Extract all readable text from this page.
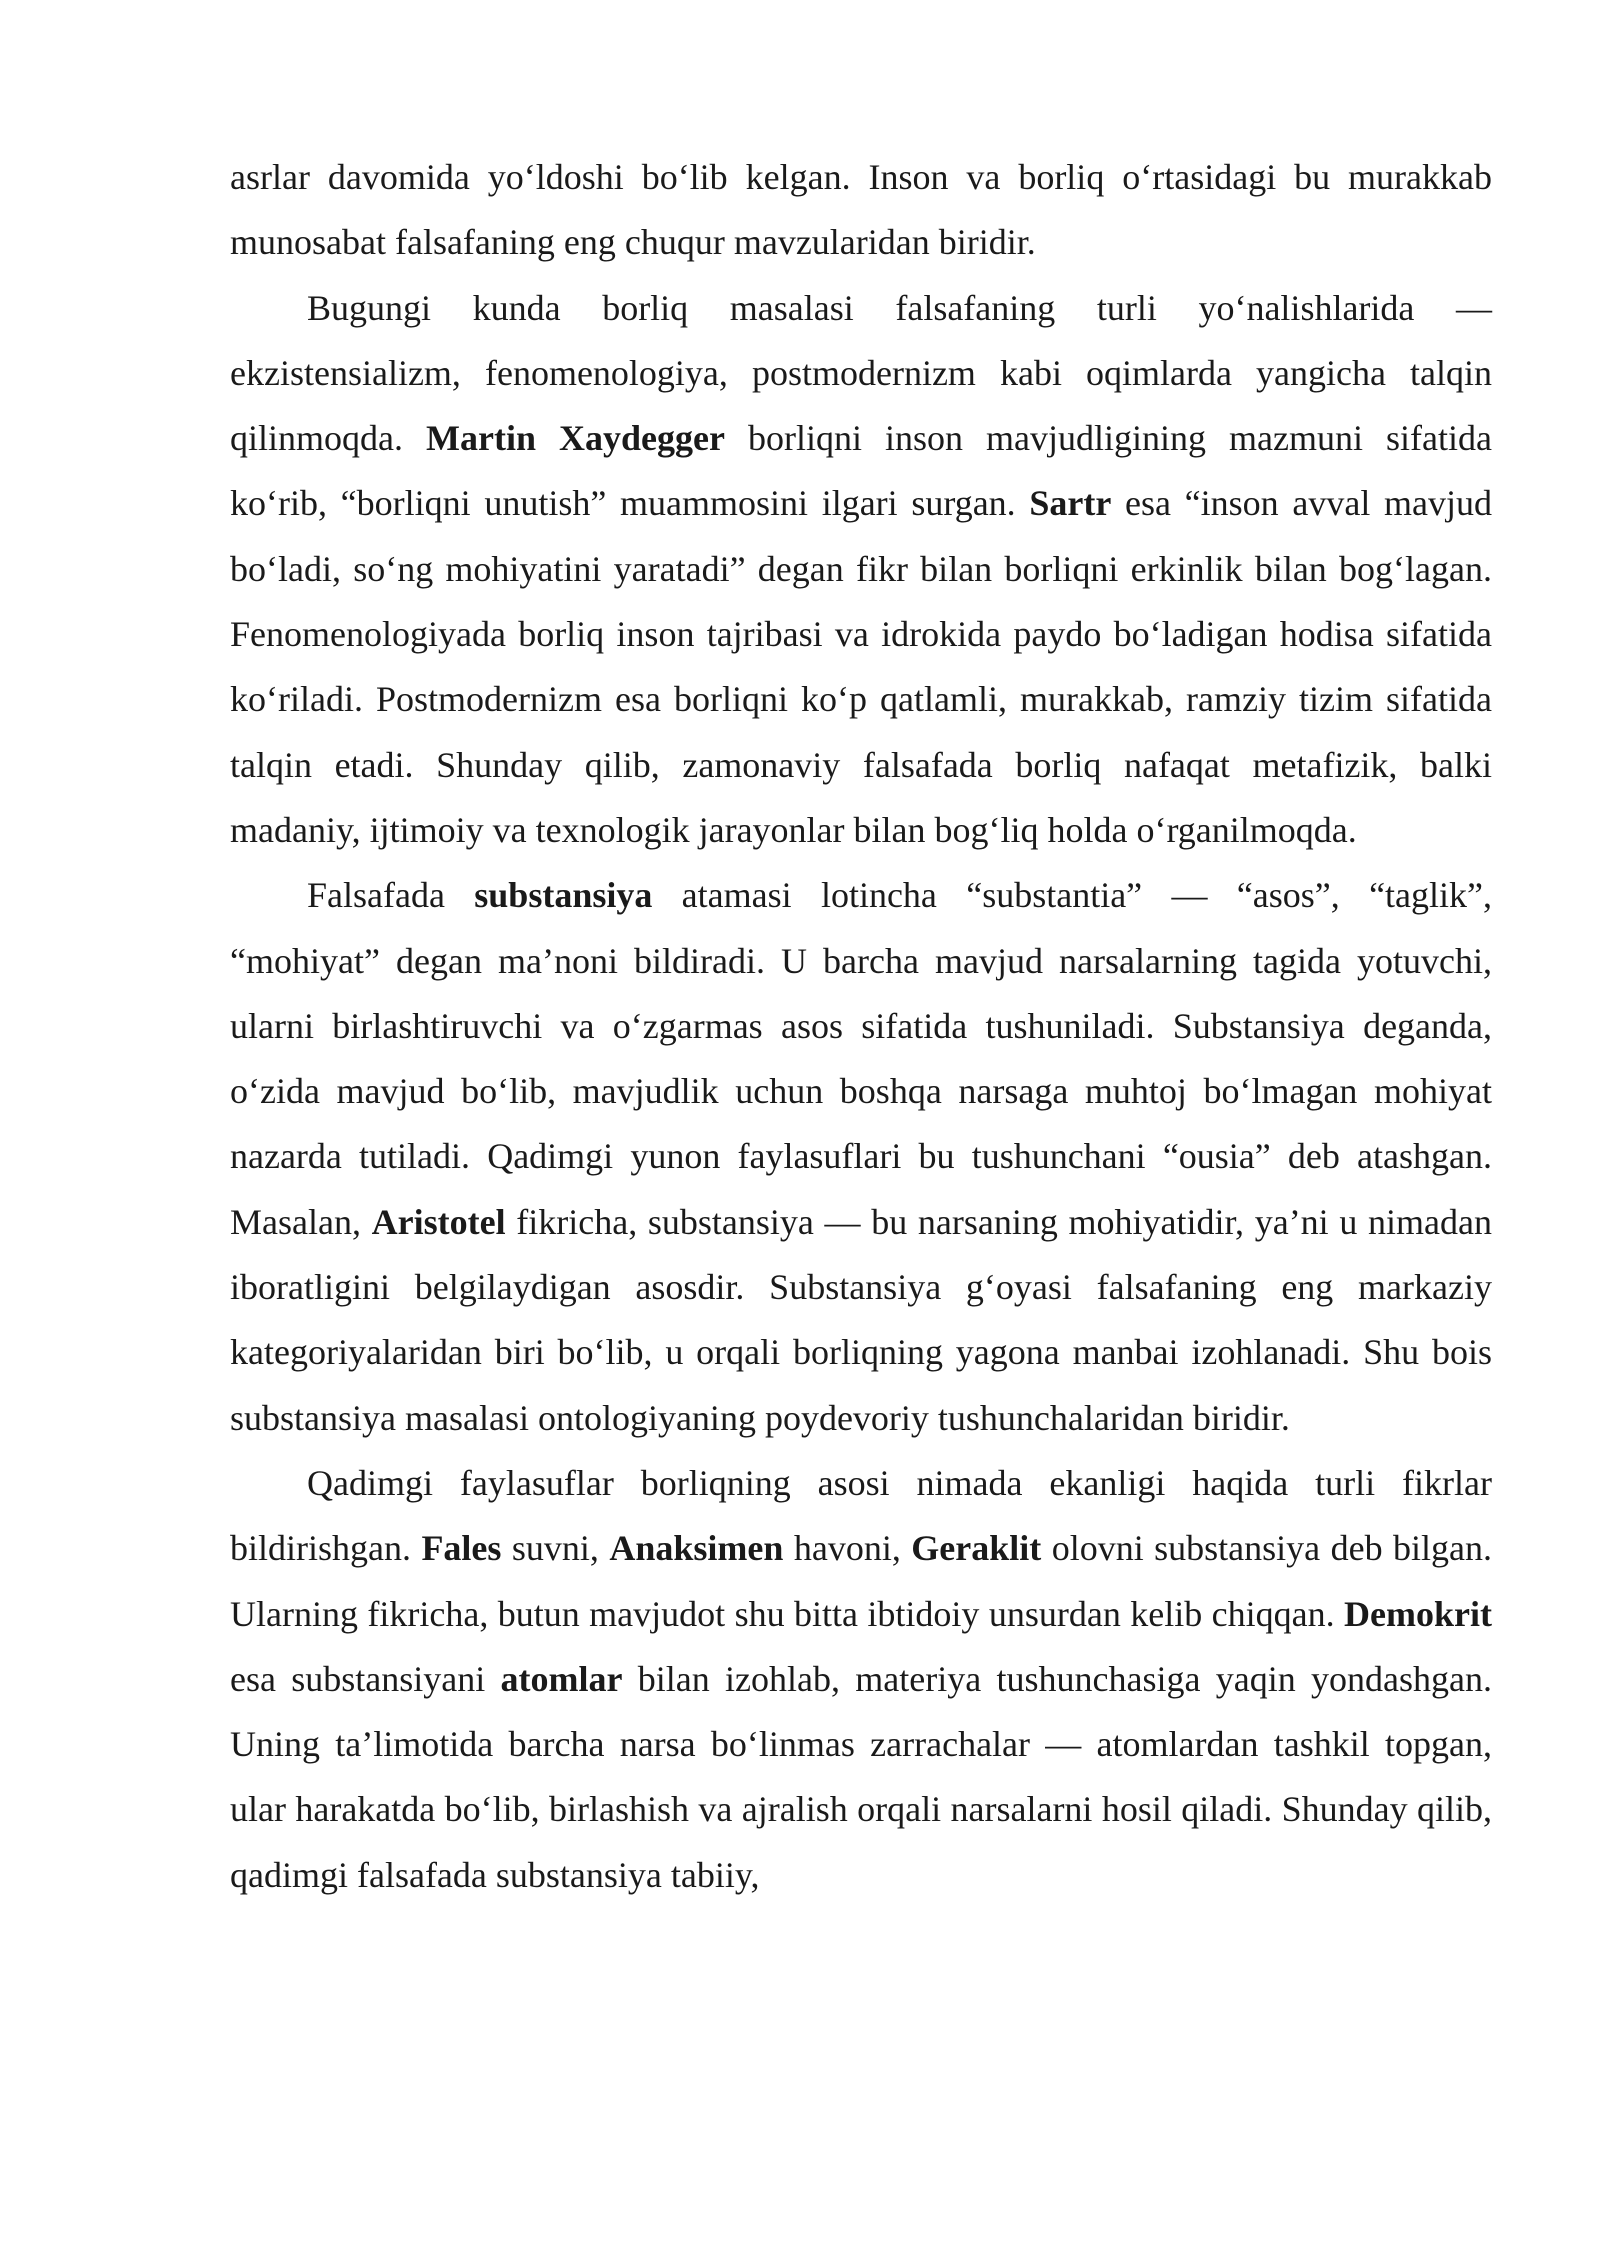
asrlar davomida yo‘ldoshi bo‘lib kelgan. Inson va borliq o‘rtasidagi bu murakkab munosabat falsafaning eng chuqur mavzularidan biridir.

Bugungi kunda borliq masalasi falsafaning turli yo‘nalishlarida — ekzistensializm, fenomenologiya, postmodernizm kabi oqimlarda yangicha talqin qilinmoqda. Martin Xaydegger borliqni inson mavjudligining mazmuni sifatida ko‘rib, “borliqni unutish” muammosini ilgari surgan. Sartr esa “inson avval mavjud bo‘ladi, so‘ng mohiyatini yaratadi” degan fikr bilan borliqni erkinlik bilan bog‘lagan. Fenomenologiyada borliq inson tajribasi va idrokida paydo bo‘ladigan hodisa sifatida ko‘riladi. Postmodernizm esa borliqni ko‘p qatlamli, murakkab, ramziy tizim sifatida talqin etadi. Shunday qilib, zamonaviy falsafada borliq nafaqat metafizik, balki madaniy, ijtimoiy va texnologik jarayonlar bilan bog‘liq holda o‘rganilmoqda.

Falsafada substansiya atamasi lotincha “substantia” — “asos”, “taglik”, “mohiyat” degan ma’noni bildiradi. U barcha mavjud narsalarning tagida yotuvchi, ularni birlashtiruvchi va o‘zgarmas asos sifatida tushuniladi. Substansiya deganda, o‘zida mavjud bo‘lib, mavjudlik uchun boshqa narsaga muhtoj bo‘lmagan mohiyat nazarda tutiladi. Qadimgi yunon faylasuflari bu tushunchani “ousia” deb atashgan. Masalan, Aristotel fikricha, substansiya — bu narsaning mohiyatidir, ya’ni u nimadan iboratligini belgilaydigan asosdir. Substansiya g‘oyasi falsafaning eng markaziy kategoriyalaridan biri bo‘lib, u orqali borliqning yagona manbai izohlanadi. Shu bois substansiya masalasi ontologiyaning poydevoriy tushunchalaridan biridir.

Qadimgi faylasuflar borliqning asosi nimada ekanligi haqida turli fikrlar bildirishgan. Fales suvni, Anaksimen havoni, Geraklit olovni substansiya deb bilgan. Ularning fikricha, butun mavjudot shu bitta ibtidoiy unsurdan kelib chiqqan. Demokrit esa substansiyani atomlar bilan izohlab, materiya tushunchasiga yaqin yondashgan. Uning ta’limotida barcha narsa bo‘linmas zarrachalar — atomlardan tashkil topgan, ular harakatda bo‘lib, birlashish va ajralish orqali narsalarni hosil qiladi. Shunday qilib, qadimgi falsafada substansiya tabiiy,
